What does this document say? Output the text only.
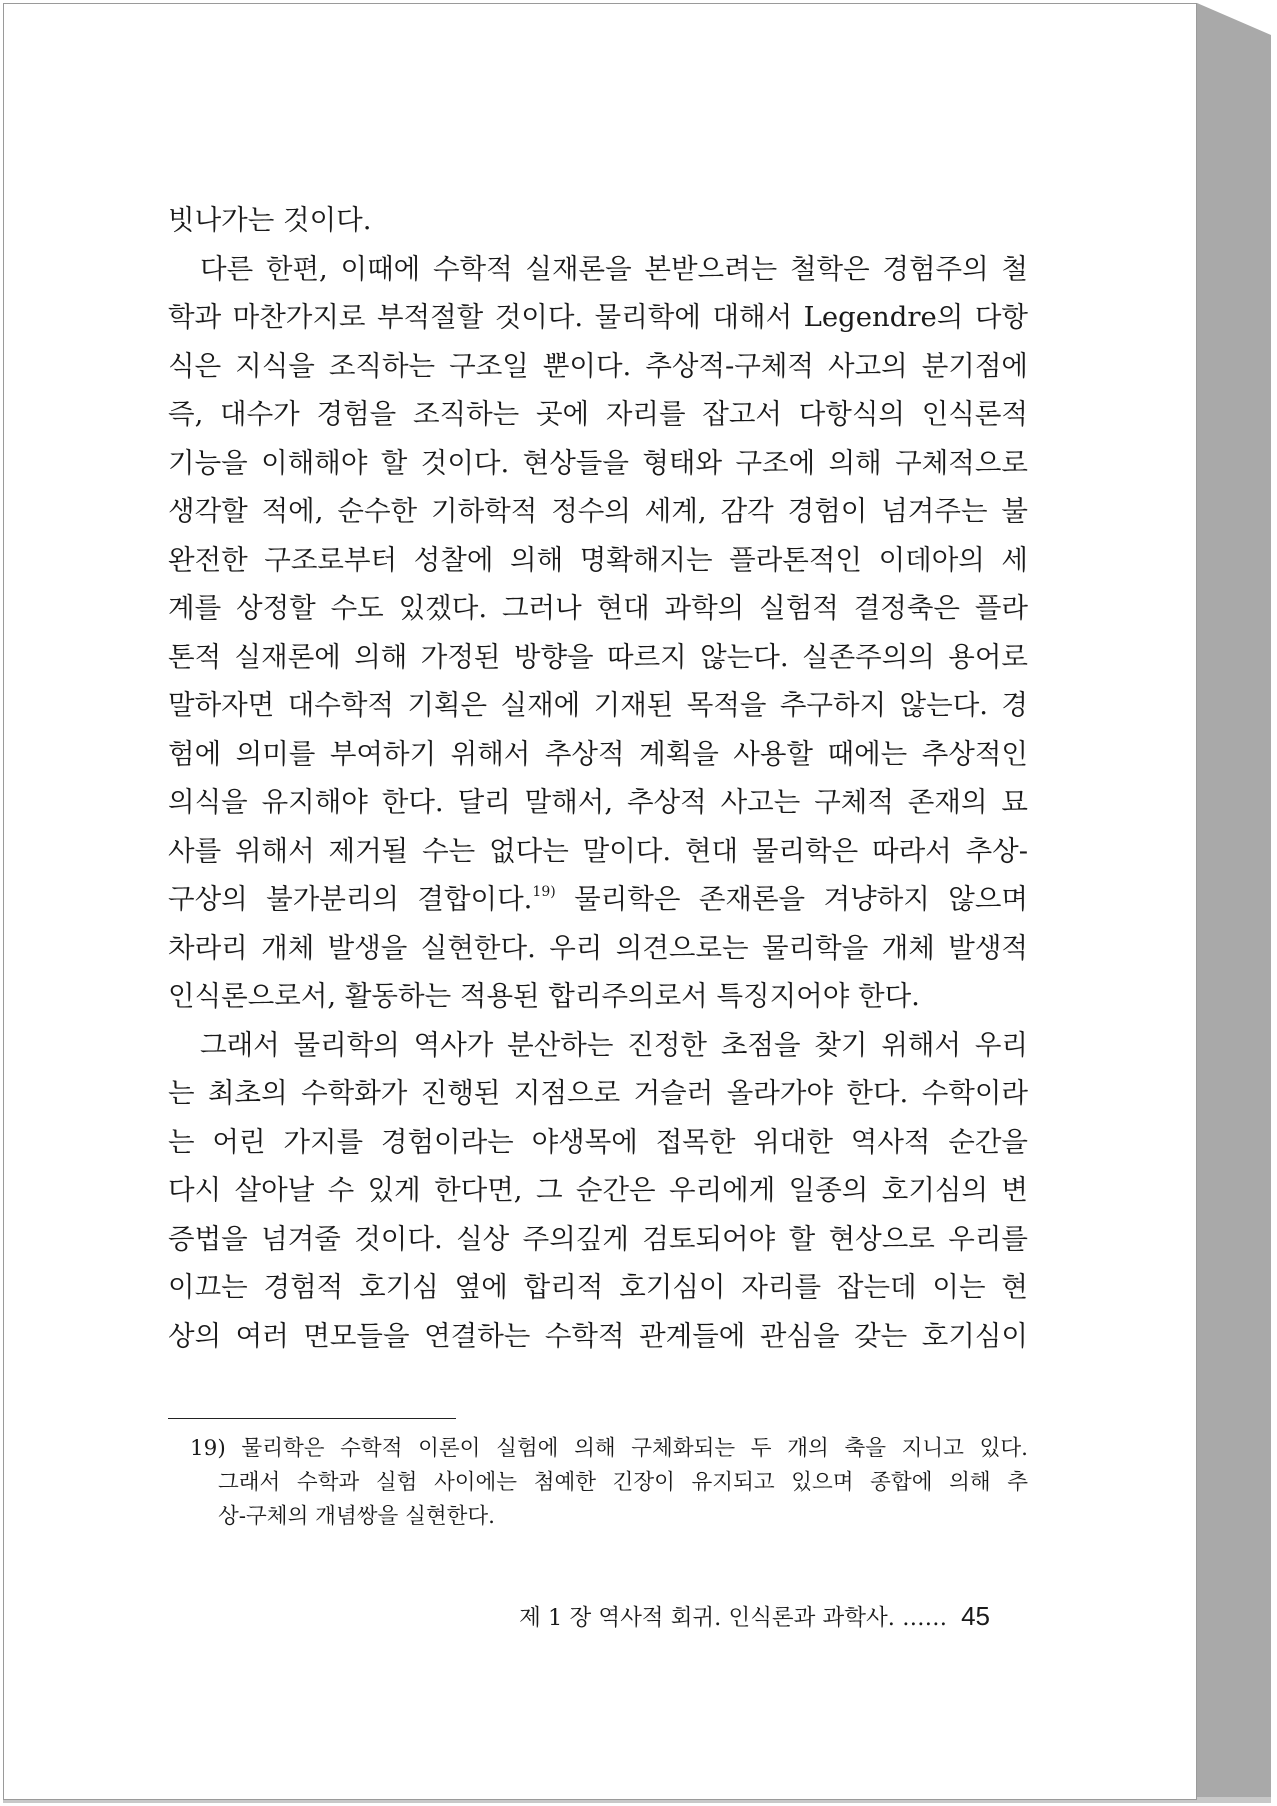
빗나가는 것이다.
다른 한편, 이때에 수학적 실재론을 본받으려는 철학은 경험주의 철
학과 마찬가지로 부적절할 것이다. 물리학에 대해서 Legendre의 다항
식은 지식을 조직하는 구조일 뿐이다. 추상적-구체적 사고의 분기점에
즉, 대수가 경험을 조직하는 곳에 자리를 잡고서 다항식의 인식론적
기능을 이해해야 할 것이다. 현상들을 형태와 구조에 의해 구체적으로
생각할 적에, 순수한 기하학적 정수의 세계, 감각 경험이 넘겨주는 불
완전한 구조로부터 성찰에 의해 명확해지는 플라톤적인 이데아의 세
계를 상정할 수도 있겠다. 그러나 현대 과학의 실험적 결정축은 플라
톤적 실재론에 의해 가정된 방향을 따르지 않는다. 실존주의의 용어로
말하자면 대수학적 기획은 실재에 기재된 목적을 추구하지 않는다. 경
험에 의미를 부여하기 위해서 추상적 계획을 사용할 때에는 추상적인
의식을 유지해야 한다. 달리 말해서, 추상적 사고는 구체적 존재의 묘
사를 위해서 제거될 수는 없다는 말이다. 현대 물리학은 따라서 추상-
구상의 불가분리의 결합이다.$^{19)}$ 물리학은 존재론을 겨냥하지 않으며
차라리 개체 발생을 실현한다. 우리 의견으로는 물리학을 개체 발생적
인식론으로서, 활동하는 적용된 합리주의로서 특징지어야 한다.
그래서 물리학의 역사가 분산하는 진정한 초점을 찾기 위해서 우리
는 최초의 수학화가 진행된 지점으로 거슬러 올라가야 한다. 수학이라
는 어린 가지를 경험이라는 야생목에 접목한 위대한 역사적 순간을
다시 살아날 수 있게 한다면, 그 순간은 우리에게 일종의 호기심의 변
증법을 넘겨줄 것이다. 실상 주의깊게 검토되어야 할 현상으로 우리를
이끄는 경험적 호기심 옆에 합리적 호기심이 자리를 잡는데 이는 현
상의 여러 면모들을 연결하는 수학적 관계들에 관심을 갖는 호기심이
19) 물리학은 수학적 이론이 실험에 의해 구체화되는 두 개의 축을 지니고 있다.
그래서 수학과 실험 사이에는 첨예한 긴장이 유지되고 있으며 종합에 의해 추
상-구체의 개념쌍을 실현한다.
제 1 장 역사적 회귀. 인식론과 과학사. …… 45
